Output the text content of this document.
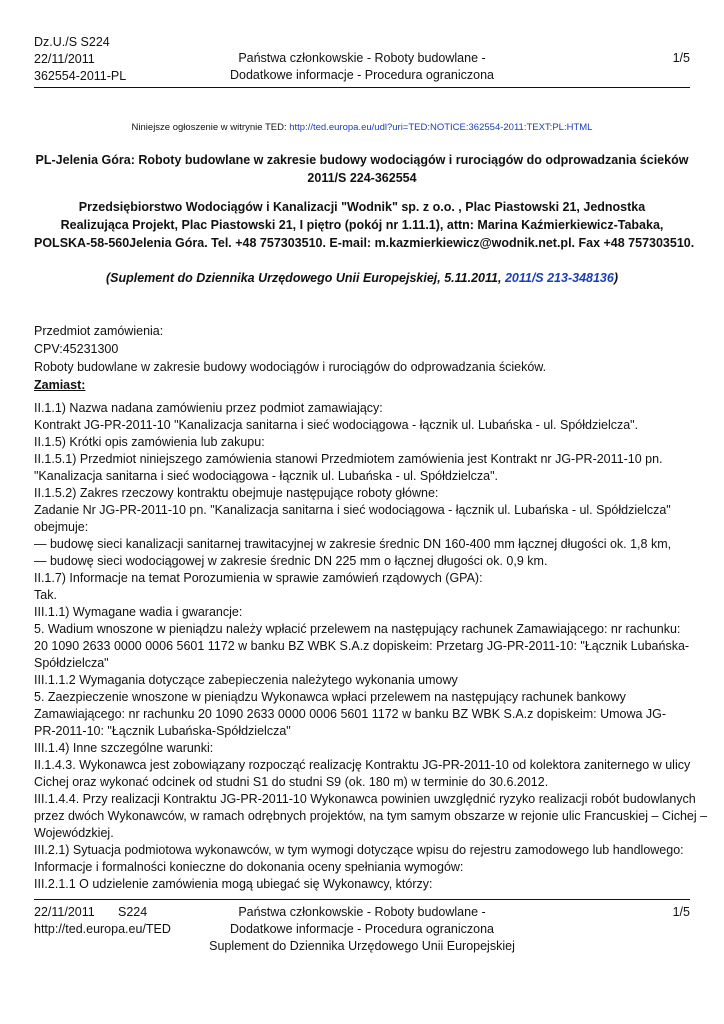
Dz.U./S S224
22/11/2011
362554-2011-PL
Państwa członkowskie - Roboty budowlane -
Dodatkowe informacje - Procedura ograniczona
1/5
Niniejsze ogłoszenie w witrynie TED: http://ted.europa.eu/udl?uri=TED:NOTICE:362554-2011:TEXT:PL:HTML
PL-Jelenia Góra: Roboty budowlane w zakresie budowy wodociągów i rurociągów do odprowadzania ścieków
2011/S 224-362554
Przedsiębiorstwo Wodociągów i Kanalizacji "Wodnik" sp. z o.o. , Plac Piastowski 21, Jednostka
Realizująca Projekt, Plac Piastowski 21, I piętro (pokój nr 1.11.1), attn: Marina Kaźmierkiewicz-Tabaka,
POLSKA-58-560Jelenia Góra. Tel. +48 757303510. E-mail: m.kazmierkiewicz@wodnik.net.pl. Fax +48 757303510.
(Suplement do Dziennika Urzędowego Unii Europejskiej, 5.11.2011, 2011/S 213-348136)
Przedmiot zamówienia:
CPV:45231300
Roboty budowlane w zakresie budowy wodociągów i rurociągów do odprowadzania ścieków.
Zamiast:

II.1.1) Nazwa nadana zamówieniu przez podmiot zamawiający:

Kontrakt JG-PR-2011-10 "Kanalizacja sanitarna i sieć wodociągowa - łącznik ul. Lubańska - ul. Spółdzielcza".

II.1.5) Krótki opis zamówienia lub zakupu:

II.1.5.1) Przedmiot niniejszego zamówienia stanowi Przedmiotem zamówienia jest Kontrakt nr JG-PR-2011-10 pn.

"Kanalizacja sanitarna i sieć wodociągowa - łącznik ul. Lubańska - ul. Spółdzielcza".

II.1.5.2) Zakres rzeczowy kontraktu obejmuje następujące roboty główne:

Zadanie Nr JG-PR-2011-10 pn. "Kanalizacja sanitarna i sieć wodociągowa - łącznik ul. Lubańska - ul. Spółdzielcza"

obejmuje:

— budowę sieci kanalizacji sanitarnej trawitacyjnej w zakresie średnic DN 160-400 mm łącznej długości ok. 1,8 km,

— budowę sieci wodociągowej w zakresie średnic DN 225 mm o łącznej długości ok. 0,9 km.

II.1.7) Informacje na temat Porozumienia w sprawie zamówień rządowych (GPA):

Tak.

III.1.1) Wymagane wadia i gwarancje:

5. Wadium wnoszone w pieniądzu należy wpłacić przelewem na następujący rachunek Zamawiającego: nr rachunku:

20 1090 2633 0000 0006 5601 1172 w banku BZ WBK S.A.z dopiskeim: Przetarg JG-PR-2011-10: "Łącznik Lubańska-

Spółdzielcza"

III.1.1.2 Wymagania dotyczące zabepieczenia należytego wykonania umowy

5. Zaezpieczenie wnoszone w pieniądzu Wykonawca wpłaci przelewem na następujący rachunek bankowy

Zamawiającego: nr rachunku 20 1090 2633 0000 0006 5601 1172 w banku BZ WBK S.A.z dopiskeim: Umowa JG-

PR-2011-10: "Łącznik Lubańska-Spółdzielcza"

III.1.4) Inne szczególne warunki:

II.1.4.3. Wykonawca jest zobowiązany rozpocząć realizację Kontraktu JG-PR-2011-10 od kolektora zaniternego w ulicy

Cichej oraz wykonać odcinek od studni S1 do studni S9 (ok. 180 m) w terminie do 30.6.2012.

III.1.4.4. Przy realizacji Kontraktu JG-PR-2011-10 Wykonawca powinien uwzględnić ryzyko realizacji robót budowlanych

przez dwóch Wykonawców, w ramach odrębnych projektów, na tym samym obszarze w rejonie ulic Francuskiej – Cichej –

Wojewódzkiej.

III.2.1) Sytuacja podmiotowa wykonawców, w tym wymogi dotyczące wpisu do rejestru zamodowego lub handlowego:

Informacje i formalności konieczne do dokonania oceny spełniania wymogów:

III.2.1.1 O udzielenie zamówienia mogą ubiegać się Wykonawcy, którzy:

22/11/2011 S224
http://ted.europa.eu/TED
Państwa członkowskie - Roboty budowlane -
Dodatkowe informacje - Procedura ograniczona
Suplement do Dziennika Urzędowego Unii Europejskiej
1/5
